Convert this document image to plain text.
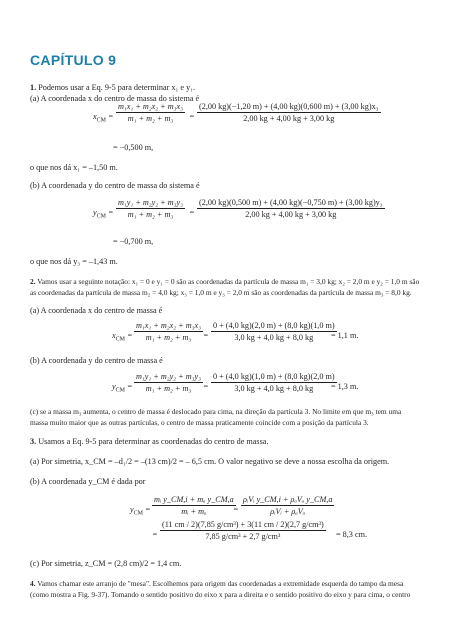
CAPÍTULO 9
1. Podemos usar a Eq. 9-5 para determinar x₁ e y₁.
(a) A coordenada x do centro de massa do sistema é
$x_{CM} = \frac{\text{m₁x₁ + m₂x₂ + m₃x₃}}{\text{m₁ + m₂ + m₃}} = \frac{\text{(2,00 kg)(−1,20 m) + (4,00 kg)(0,600 m) + (3,00 kg)x₃}}{2,00 kg + 4,00 kg + 3,00 kg}$
= −0,500 m,
o que nos dá x₁ = –1,50 m.
(b) A coordenada y do centro de massa do sistema é
$y_{CM} = \frac{\text{m₁y₁ + m₂y₂ + m₃y₃}}{\text{m₁ + m₂ + m₃}} = \frac{\text{(2,00 kg)(0,500 m) + (4,00 kg)(−0,750 m) + (3,00 kg)y₃}}{2,00 kg + 4,00 kg + 3,00 kg}$
= −0,700 m,
o que nos dá y₃ = –1,43 m.
2. Vamos usar a seguinte notação: x₁ = 0 e y₁ = 0 são as coordenadas da partícula de massa m₁ = 3,0 kg; x₂ = 2,0 m e y₂ = 1,0 m são
as coordenadas da partícula de massa m₂ = 4,0 kg; x₃ = 1,0 m e y₃ = 2,0 m são as coordenadas da partícula de massa m₃ = 8,0 kg.
(a) A coordenada x do centro de massa é
$x_{CM} = \frac{\text{m₁x₁ + m₂x₂ + m₃x₃}}{\text{m₁ + m₂ + m₃}} = \frac{0 + (4,0 kg)(2,0 m) + (8,0 kg)(1,0 m)}{3,0 kg + 4,0 kg + 8,0 kg}$
= 1,1 m.
(b) A coordenada y do centro de massa é
$y_{CM} = \frac{\text{m₁y₁ + m₂y₂ + m₃y₃}}{\text{m₁ + m₂ + m₃}} = \frac{0 + (4,0 kg)(1,0 m) + (8,0 kg)(2,0 m)}{3,0 kg + 4,0 kg + 8,0 kg}$
= 1,3 m.
(c) se a massa m₃ aumenta, o centro de massa é deslocado para cima, na direção da partícula 3. No limite em que m₃ tem uma
massa muito maior que as outras partículas, o centro de massa praticamente coincide com a posição da partícula 3.
3. Usamos a Eq. 9-5 para determinar as coordenadas do centro de massa.
(a) Por simetria, x_CM = –d₁/2 = –(13 cm)/2 = – 6,5 cm. O valor negativo se deve a nossa escolha da origem.
(b) A coordenada y_CM é dada por
$y_{CM} = \frac{\text{mᵢ y\_CM,i + mₐ y\_CM,a}}{\text{mᵢ + mₐ}}$
=
ρᵢVᵢ y_CM,i + ρₐVₐ y_CM,a
ρᵢVᵢ + ρₐVₐ
= $\frac{\text{(11 cm / 2)(7,85 g/cm³) + 3(11 cm / 2)(2,7 g/cm³)}}{\text{7,85 g/cm³ + 2,7 g/cm³}} = 8,3$ cm.
(c) Por simetria, z_CM = (2,8 cm)/2 = 1,4 cm.
4. Vamos chamar este arranjo de "mesa". Escolhemos para origem das coordenadas a extremidade esquerda do tampo da mesa
(como mostra a Fig. 9-37). Tomando o sentido positivo do eixo x para a direita e o sentido positivo do eixo y para cima, o centro
